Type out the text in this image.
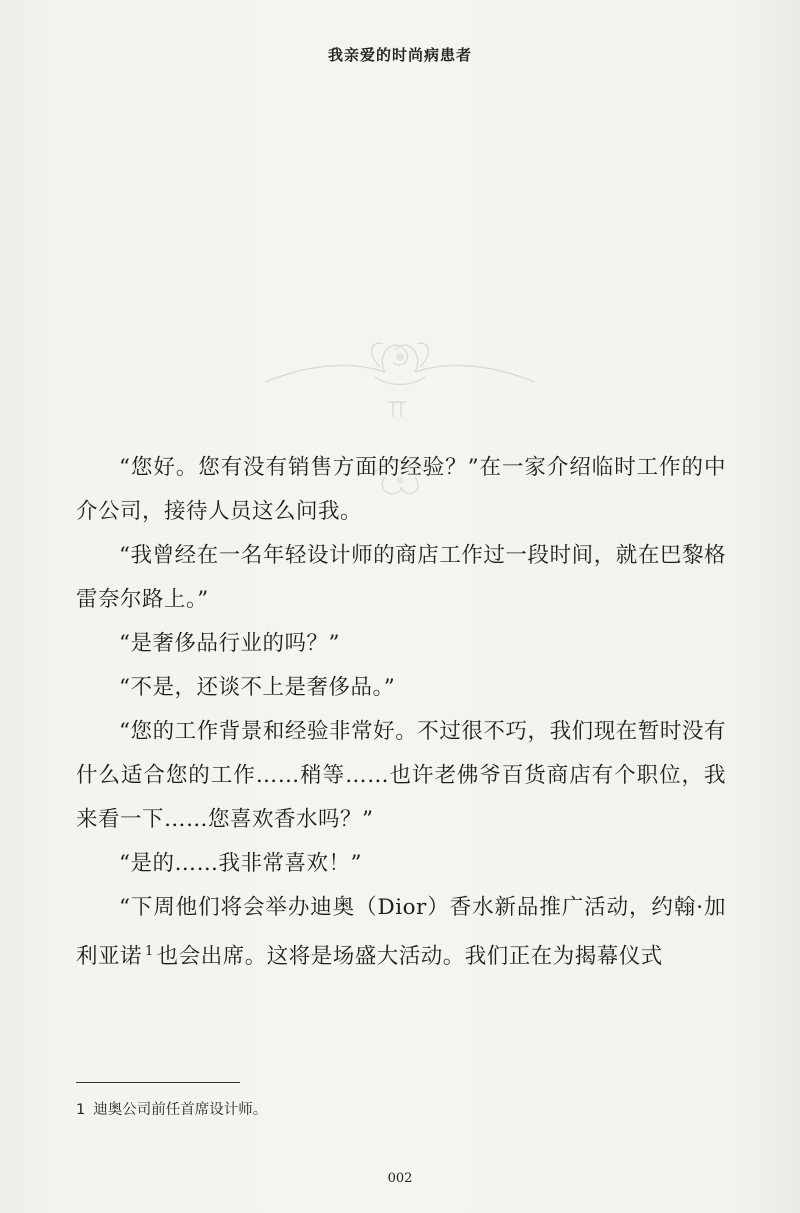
我亲爱的时尚病患者

“您好。您有没有销售方面的经验？”在一家介绍临时工作的中介公司，接待人员这么问我。

“我曾经在一名年轻设计师的商店工作过一段时间，就在巴黎格雷奈尔路上。”

“是奢侈品行业的吗？”

“不是，还谈不上是奢侈品。”

“您的工作背景和经验非常好。不过很不巧，我们现在暂时没有什么适合您的工作……稍等……也许老佛爷百货商店有个职位，我来看一下……您喜欢香水吗？”

“是的……我非常喜欢！”

“下周他们将会举办迪奥（Dior）香水新品推广活动，约翰·加利亚诺 $^1$ 也会出席。这将是场盛大活动。我们正在为揭幕仪式

1 迪奥公司前任首席设计师。
002
